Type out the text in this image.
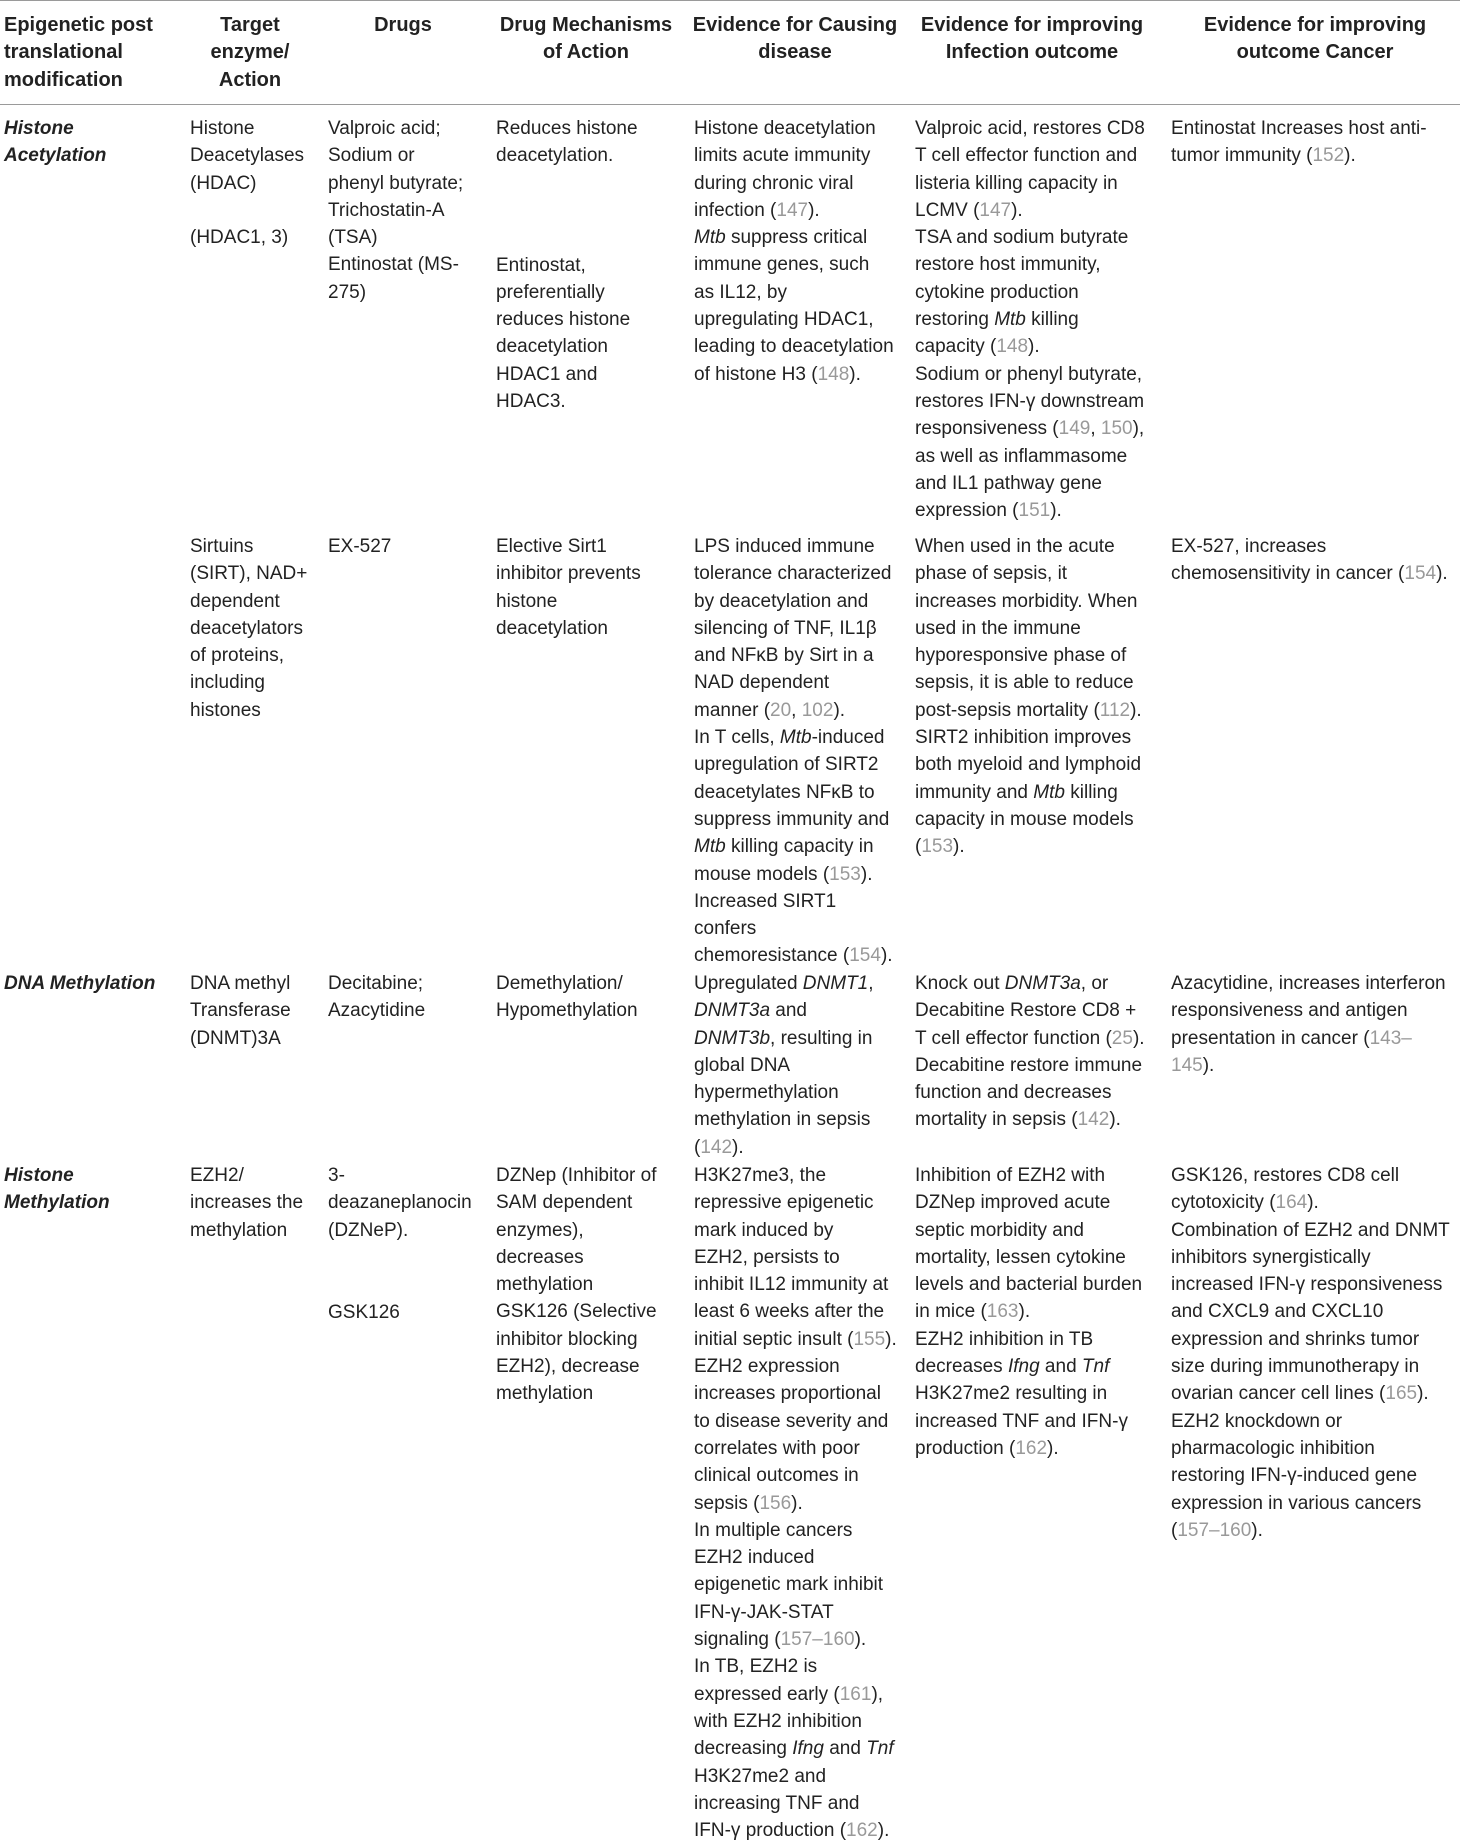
Epigenetic post
translational
modification
Target
enzyme/
Action
Drugs	Drug Mechanisms
of Action
Evidence for Causing
disease
Evidence for improving
Infection outcome
Evidence for improving
outcome Cancer
Histone
Acetylation
Histone
Deacetylases
(HDAC)
(HDAC1, 3)
Valproic acid;
Sodium or
phenyl butyrate;
Trichostatin-A
(TSA)
Entinostat (MS-
275)
Reduces histone
deacetylation.
Entinostat,
preferentially
reduces histone
deacetylation
HDAC1 and
HDAC3.
Histone deacetylation
limits acute immunity
during chronic viral
infection (147).
Mtb suppress critical
immune genes, such
as IL12, by
upregulating HDAC1,
leading to deacetylation
of histone H3 (148).
Valproic acid, restores CD8
T cell effector function and
listeria killing capacity in
LCMV (147).
TSA and sodium butyrate
restore host immunity,
cytokine production
restoring Mtb killing
capacity (148).
Sodium or phenyl butyrate,
restores IFN-γ downstream
responsiveness (149, 150),
as well as inflammasome
and IL1 pathway gene
expression (151).
Entinostat Increases host anti-
tumor immunity (152).
Sirtuins
(SIRT), NAD+
dependent
deacetylators
of proteins,
including
histones
EX-527	Elective Sirt1
inhibitor prevents
histone
deacetylation
LPS induced immune
tolerance characterized
by deacetylation and
silencing of TNF, IL1β
and NFκB by Sirt in a
NAD dependent
manner (20, 102).
In T cells, Mtb-induced
upregulation of SIRT2
deacetylates NFκB to
suppress immunity and
Mtb killing capacity in
mouse models (153).
Increased SIRT1
confers
chemoresistance (154).
When used in the acute
phase of sepsis, it
increases morbidity. When
used in the immune
hyporesponsive phase of
sepsis, it is able to reduce
post-sepsis mortality (112).
SIRT2 inhibition improves
both myeloid and lymphoid
immunity and Mtb killing
capacity in mouse models
(153).
EX-527, increases
chemosensitivity in cancer (154).
DNA Methylation DNA methyl
Transferase
(DNMT)3A
Decitabine;
Azacytidine
Demethylation/
Hypomethylation
Upregulated DNMT1,
DNMT3a and
DNMT3b, resulting in
global DNA
hypermethylation
methylation in sepsis
(142).
Knock out DNMT3a, or
Decabitine Restore CD8 +
T cell effector function (25).
Decabitine restore immune
function and decreases
mortality in sepsis (142).
Azacytidine, increases interferon
responsiveness and antigen
presentation in cancer (143–
145).
Histone
Methylation
EZH2/
increases the
methylation
3-
deazaneplanocin
(DZNeP).
GSK126
DZNep (Inhibitor of
SAM dependent
enzymes),
decreases
methylation
GSK126 (Selective
inhibitor blocking
EZH2), decrease
methylation
H3K27me3, the
repressive epigenetic
mark induced by
EZH2, persists to
inhibit IL12 immunity at
least 6 weeks after the
initial septic insult (155).
EZH2 expression
increases proportional
to disease severity and
correlates with poor
clinical outcomes in
sepsis (156).
In multiple cancers
EZH2 induced
epigenetic mark inhibit
IFN-γ-JAK-STAT
signaling (157–160).
In TB, EZH2 is
expressed early (161),
with EZH2 inhibition
decreasing Ifng and Tnf
H3K27me2 and
increasing TNF and
IFN-γ production (162).
Inhibition of EZH2 with
DZNep improved acute
septic morbidity and
mortality, lessen cytokine
levels and bacterial burden
in mice (163).
EZH2 inhibition in TB
decreases Ifng and Tnf
H3K27me2 resulting in
increased TNF and IFN-γ
production (162).
GSK126, restores CD8 cell
cytotoxicity (164).
Combination of EZH2 and DNMT
inhibitors synergistically
increased IFN-γ responsiveness
and CXCL9 and CXCL10
expression and shrinks tumor
size during immunotherapy in
ovarian cancer cell lines (165).
EZH2 knockdown or
pharmacologic inhibition
restoring IFN-γ-induced gene
expression in various cancers
(157–160).
